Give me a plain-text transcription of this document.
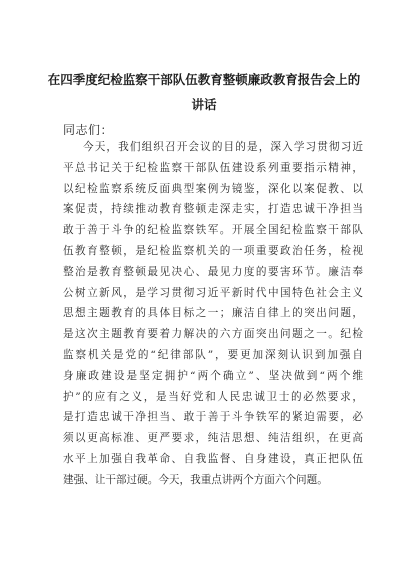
在四季度纪检监察干部队伍教育整顿廉政教育报告会上的
讲话

同志们：

今天，我们组织召开会议的目的是，深入学习贯彻习近
平总书记关于纪检监察干部队伍建设系列重要指示精神，
以纪检监察系统反面典型案例为镜鉴，深化以案促教、以
案促责，持续推动教育整顿走深走实，打造忠诚干净担当
敢于善于斗争的纪检监察铁军。开展全国纪检监察干部队
伍教育整顿，是纪检监察机关的一项重要政治任务，检视
整治是教育整顿最见决心、最见力度的要害环节。廉洁奉
公树立新风，是学习贯彻习近平新时代中国特色社会主义
思想主题教育的具体目标之一；廉洁自律上的突出问题，
是这次主题教育要着力解决的六方面突出问题之一。纪检
监察机关是党的“纪律部队”，要更加深刻认识到加强自
身廉政建设是坚定拥护“两个确立”、坚决做到“两个维
护”的应有之义，是当好党和人民忠诚卫士的必然要求，
是打造忠诚干净担当、敢于善于斗争铁军的紧迫需要，必
须以更高标准、更严要求，纯洁思想、纯洁组织，在更高
水平上加强自我革命、自我监督、自身建设，真正把队伍
建强、让干部过硬。今天，我重点讲两个方面六个问题。
